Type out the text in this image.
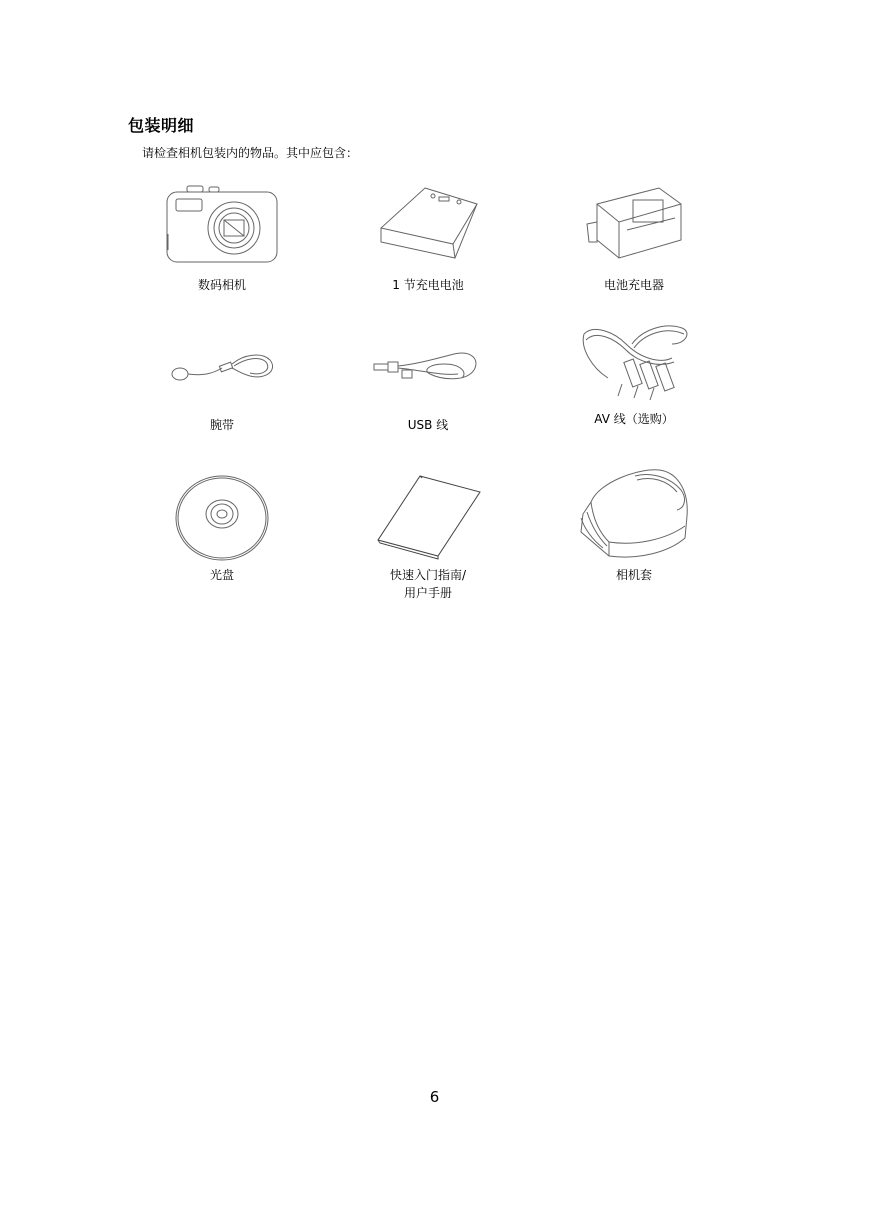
包装明细
请检查相机包装内的物品。其中应包含：
数码相机	1 节充电电池	电池充电器
腕带	USB 线	AV 线（选购）
光盘	快速入门指南/
用户手册
相机套
6
